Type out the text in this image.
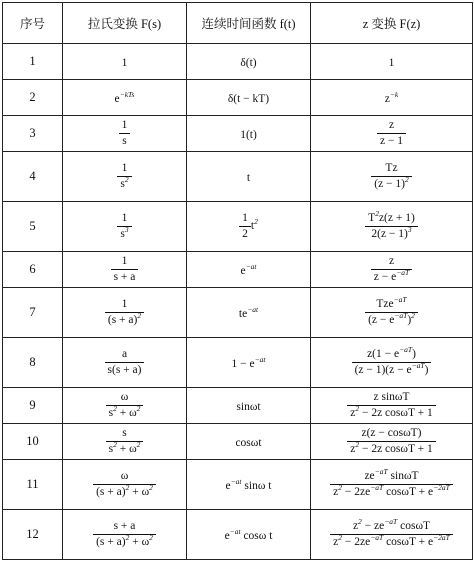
序号	拉氏变换 F(s)	连续时间函数 f(t)	z 变换 F(z)
1	1	δ(t)	1
2	$e^{-kTs}$	δ(t − kT)	$z^{-k}$
3	$\frac{1}{s}$	1(t)	$\frac{z}{z - 1}$

4	$\frac{1}{s^2}$	t	$\frac{Tz}{(z - 1)^2}$

5	$\frac{1}{s^3}$	$\frac{1}{2} t^2$	$\frac{T^2z(z + 1)}{2(z - 1)^3}$

6	$\frac{1}{s + a}$	$e^{-at}$	$\frac{z}{z - e^{-aT}}$

7	$\frac{1}{(s + a)^2}$	$te^{-at}$	$\frac{Tze^{-aT}}{(z - e^{-aT})^2}$

8	$\frac{a}{s(s + a)}$	$1 - e^{-at}$	$\frac{z(1 - e^{-aT})}{(z - 1)(z - e^{-aT})}$

9	$\frac{\omega}{s^2 + \omega^2}$	sinωt	$\frac{\text{z sinωT}}{z^2 - 2z \cos\omega T + 1}$

10	$\frac{s}{s^2 + \omega^2}$	cosωt	$\frac{z(z - \cos\omega T)}{z^2 - 2z \cos\omega T + 1}$

11	$\frac{\omega}{(s + a)^2 + \omega^2}$	$e^{-at}$ sinω t	$\frac{ze^{-aT} \sin\omega T}{z^2 - 2ze^{-aT} \cos\omega T + e^{-2aT}}$

12	$\frac{s + a}{(s + a)^2 + \omega^2}$	$e^{-at}$ cosω t	$\frac{z^2 - ze^{-aT} \cos\omega T}{z^2 - 2ze^{-aT} \cos\omega T + e^{-2aT}}$
